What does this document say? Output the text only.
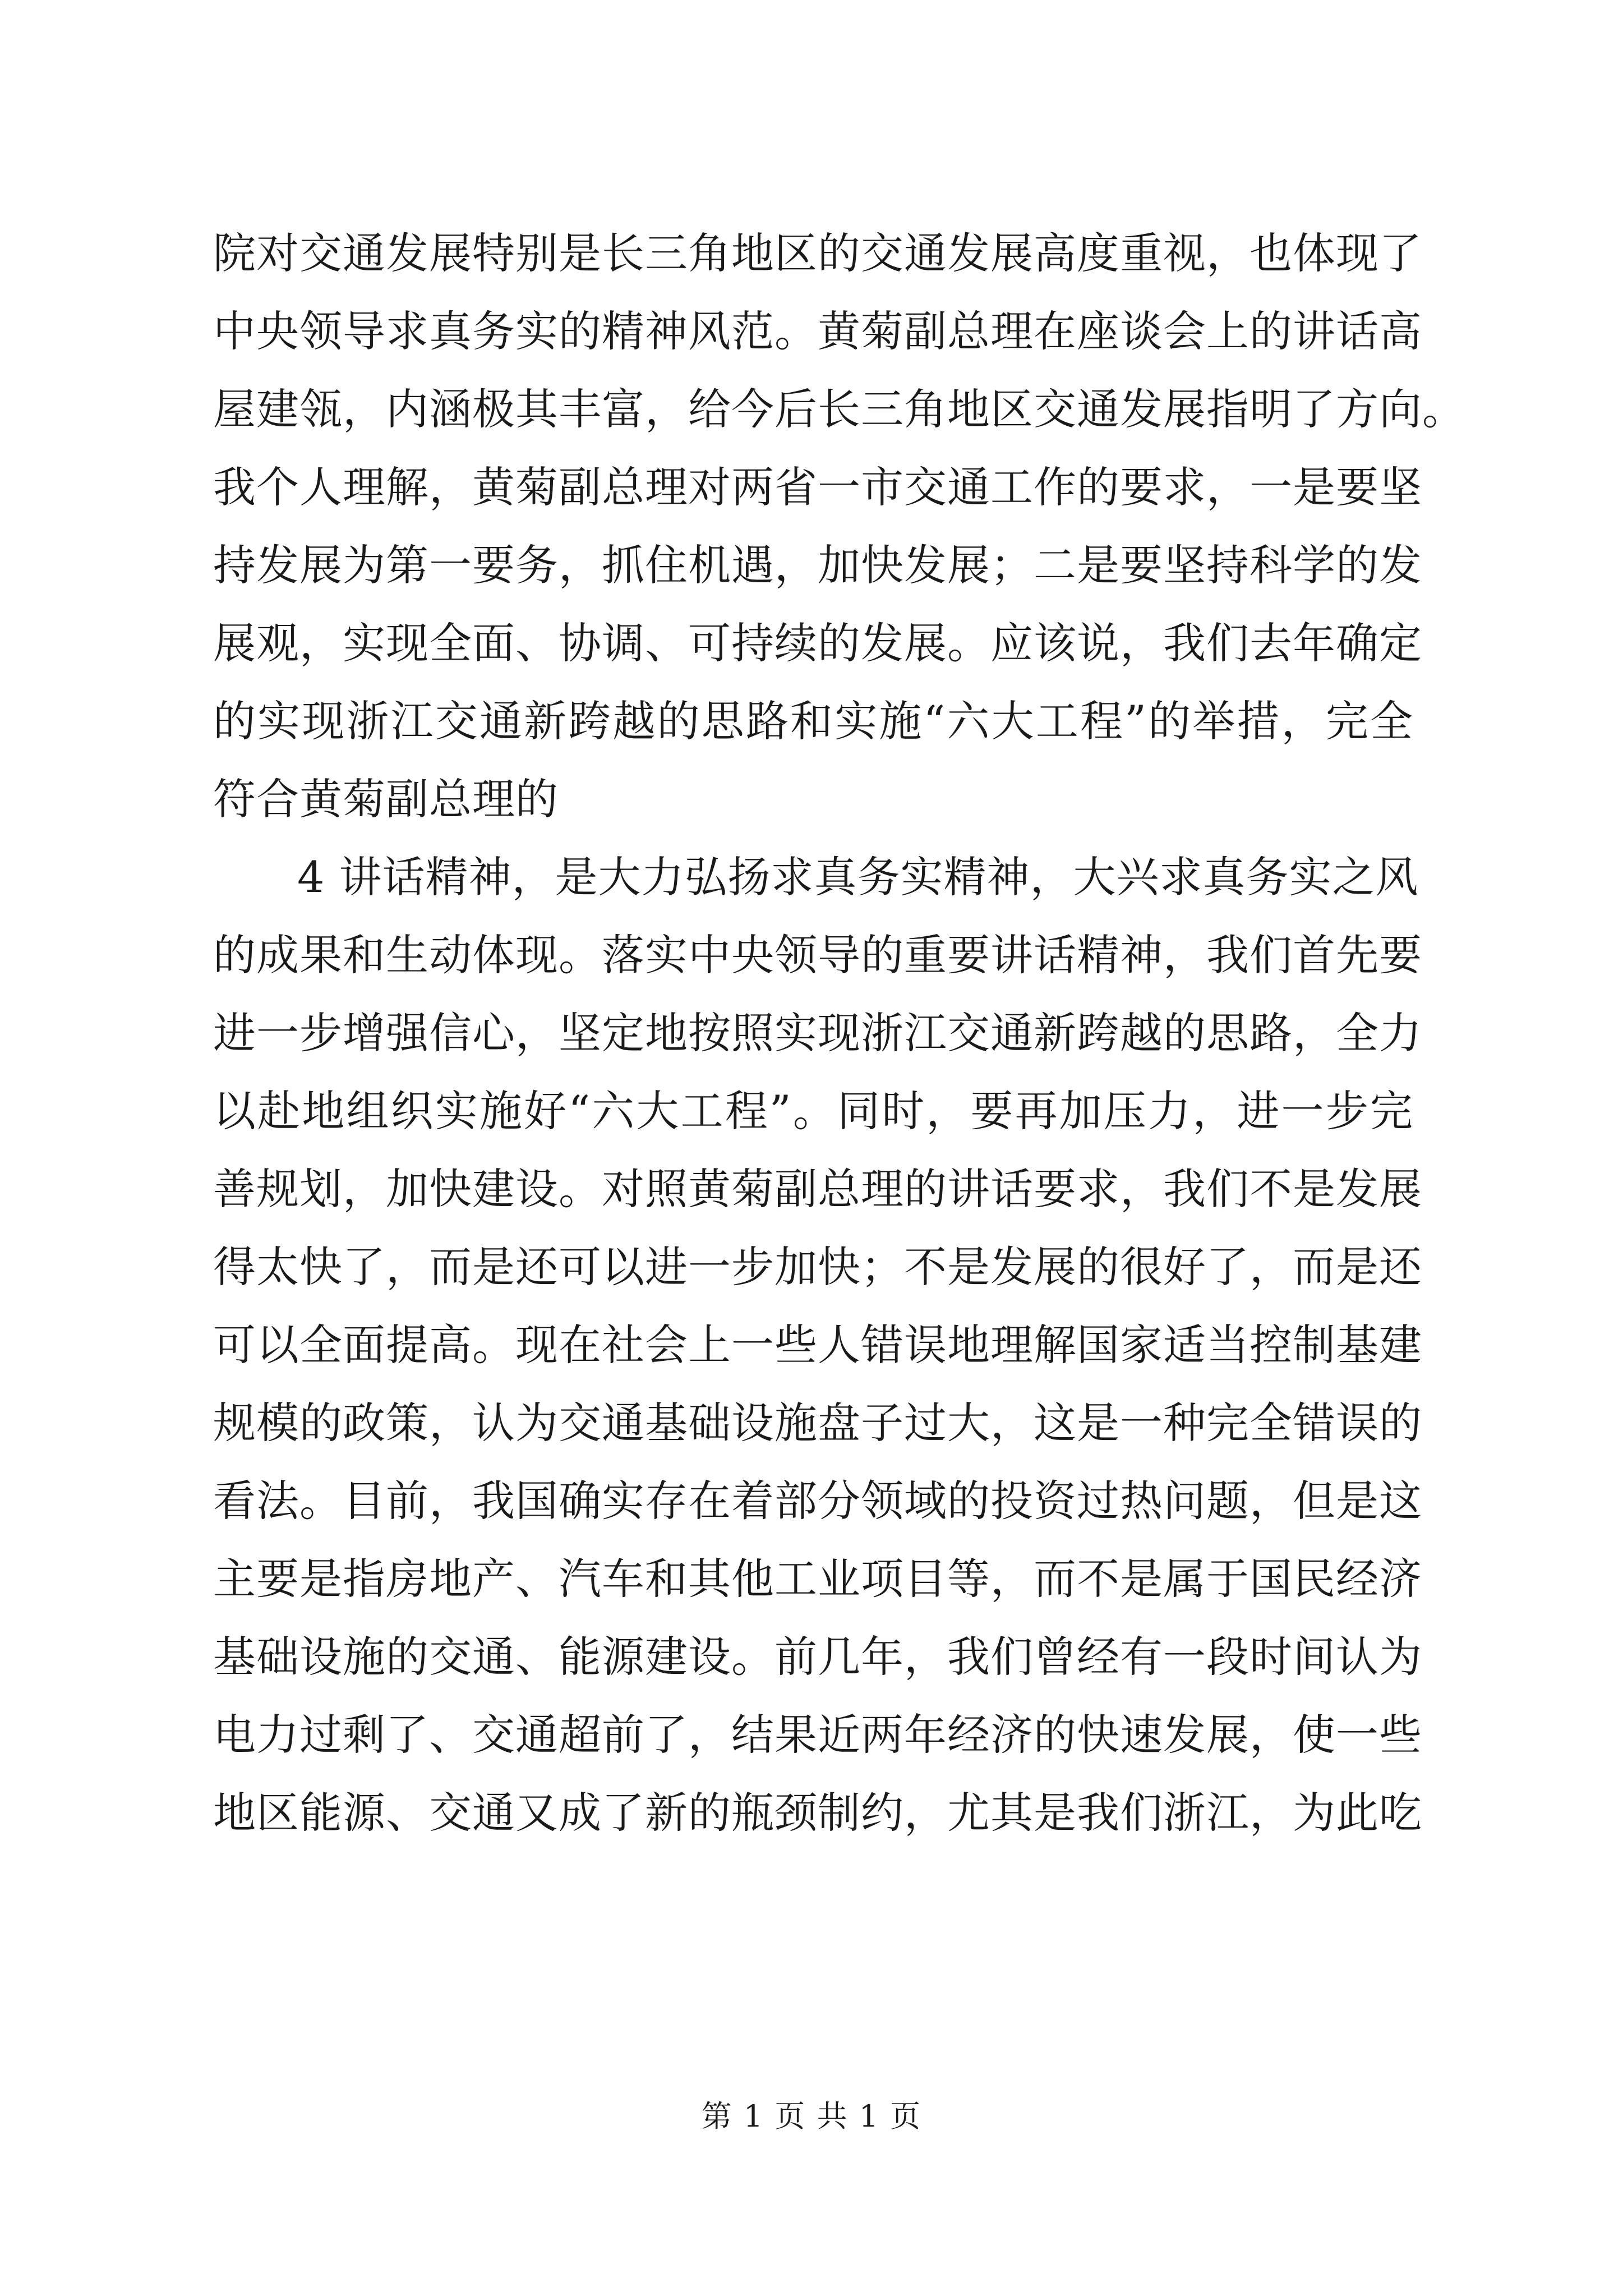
院对交通发展特别是长三角地区的交通发展高度重视，也体现了
中央领导求真务实的精神风范。黄菊副总理在座谈会上的讲话高
屋建瓴，内涵极其丰富，给今后长三角地区交通发展指明了方向。
我个人理解，黄菊副总理对两省一市交通工作的要求，一是要坚
持发展为第一要务，抓住机遇，加快发展；二是要坚持科学的发
展观，实现全面、协调、可持续的发展。应该说，我们去年确定
的实现浙江交通新跨越的思路和实施“六大工程”的举措，完全
符合黄菊副总理的
4 讲话精神，是大力弘扬求真务实精神，大兴求真务实之风
的成果和生动体现。落实中央领导的重要讲话精神，我们首先要
进一步增强信心，坚定地按照实现浙江交通新跨越的思路，全力
以赴地组织实施好“六大工程”。同时，要再加压力，进一步完
善规划，加快建设。对照黄菊副总理的讲话要求，我们不是发展
得太快了，而是还可以进一步加快；不是发展的很好了，而是还
可以全面提高。现在社会上一些人错误地理解国家适当控制基建
规模的政策，认为交通基础设施盘子过大，这是一种完全错误的
看法。目前，我国确实存在着部分领域的投资过热问题，但是这
主要是指房地产、汽车和其他工业项目等，而不是属于国民经济
基础设施的交通、能源建设。前几年，我们曾经有一段时间认为
电力过剩了、交通超前了，结果近两年经济的快速发展，使一些
地区能源、交通又成了新的瓶颈制约，尤其是我们浙江，为此吃
第 1 页 共 1 页
